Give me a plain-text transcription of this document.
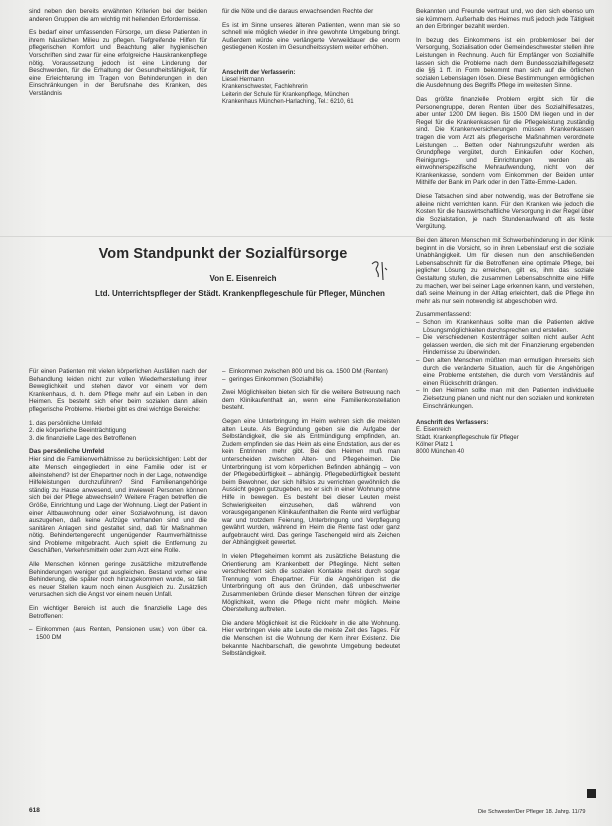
sind neben den bereits erwähnten Kriterien bei der beiden anderen Gruppen die am wichtig mit heilenden Erfordernisse.

Es bedarf einer umfassenden Fürsorge, um diese Patienten in ihrem häuslichen Milieu zu pflegen. Tiefgreifende Hilfen für pflegerischen Komfort und Beachtung aller hygienischen Vorschriften sind zwar für eine erfolgreiche Hauskrankenpflege nötig. Voraussetzung jedoch ist eine Linderung der Beschwerden, für die Erhaltung der Gesundheitsfähigkeit, für eine Erleichterung im Tragen von Behinderungen in den Einschränkungen in der Berufsnahe des Kranken, des Verständnis

für die Nöte und die daraus erwachsenden Rechte der

Es ist im Sinne unseres älteren Patienten, wenn man sie so schnell wie möglich wieder in ihre gewohnte Umgebung bringt. Außerdem würde eine verlängerte Verweildauer die enorm gestiegenen Kosten im Gesundheitssystem weiter erhöhen.

Anschrift der Verfasserin:
Liesel Hermann
Krankenschwester, Fachlehrerin
Leiterin der Schule für Krankenpflege, München
Krankenhaus München-Harlaching, Tel.: 6210, 61
Vom Standpunkt der Sozialfürsorge
Von E. Eisenreich
Ltd. Unterrichtspfleger der Städt. Krankenpflegeschule für Pfleger, München

Für einen Patienten mit vielen körperlichen Ausfällen nach der Behandlung leiden nicht zur vollen Wiederherstellung ihrer Beweglichkeit und stehen davor vor einem vor dem Krankenhaus, d. h. dem Pflege mehr auf ein Leben in den Heimen. Es besteht sich eher beim sozialen dann allein pflegerische Probleme. Hierbei gibt es drei wichtige Bereiche:

1. das persönliche Umfeld
2. die körperliche Beeinträchtigung
3. die finanzielle Lage des Betroffenen
Das persönliche Umfeld

Hier sind die Familienverhältnisse zu berücksichtigen: Lebt der alte Mensch eingegliedert in eine Familie oder ist er alleinstehend? Ist der Ehepartner noch in der Lage, notwendige Hilfeleistungen durchzuführen? Sind Familienangehörige ständig zu Hause anwesend, und inwieweit Personen können sich bei der Pflege abwechseln? Weitere Fragen betreffen die Größe, Einrichtung und Lage der Wohnung. Liegt der Patient in einer Altbauwohnung oder einer Sozialwohnung, ist davon auszugehen, daß keine Aufzüge vorhanden sind und die sanitären Anlagen sind gestaltet sind, daß für Maßnahmen nötig. Behindertengerecht ungenügender Raumverhältnisse sind Probleme mitgebracht. Auch spielt die Entfernung zu Geschäften, Verkehrsmitteln oder zum Arzt eine Rolle.

Alle Menschen können geringe zusätzliche mitzutreffende Behinderungen weniger gut ausgleichen. Bestand vorher eine Behinderung, die später noch hinzugekommen wurde, so fällt es neuer Stellen kaum noch einen Ausgleich zu. Zusätzlich verursachen sich die Angst vor einem neuen Unfall.

Ein wichtiger Bereich ist auch die finanzielle Lage des Betroffenen:

– Einkommen (aus Renten, Pensionen usw.) von über ca. 1500 DM
– Einkommen zwischen 800 und bis ca. 1500 DM (Renten)
– geringes Einkommen (Sozialhilfe)

Zwei Möglichkeiten bieten sich für die weitere Betreuung nach dem Klinikaufenthalt an, wenn eine Familienkonstellation besteht.

Gegen eine Unterbringung im Heim wehren sich die meisten alten Leute. Als Begründung geben sie die Aufgabe der Selbständigkeit, die sie als Entmündigung empfinden, an. Zudem empfinden sie das Heim als eine Endstation, aus der es kein Entrinnen mehr gibt. Bei den Heimen muß man unterscheiden zwischen Alten- und Pflegeheimen. Die Unterbringung ist vom körperlichen Befinden abhängig – von der Pflegebedürftigkeit – abhängig. Pflegebedürftigkeit besteht beim Bewohner, der sich hilfslos zu verrichten gewöhnlich die Aussicht gegen gutzugeben, wo er sich in einer Wohnung ohne Hilfe in bewegen. Es besteht bei dieser Leuten meist Schwierigkeiten einzusehen, daß während von vorausgegangenen Klinikaufenthalten die Rente wird verfügbar war und trotzdem Feierung, Unterbringung und Verpflegung gewährt wurden, während im Heim die Rente fast oder ganz aufgebraucht wird. Das geringe Taschengeld wird als Zeichen der Abhängigkeit gewertet.

In vielen Pflegeheimen kommt als zusätzliche Belastung die Orientierung am Krankenbett der Pfleglinge. Nicht selten verschlechtert sich die sozialen Kontakte meist durch sogar Trennung vom Ehepartner. Für die Angehörigen ist die Unterbringung oft aus den Gründen, daß unbeschwerter Zusammenleben Gründe dieser Menschen führen der einzige Möglichkeit, wenn die Pflege nicht mehr möglich. Meine Oberstellung auftreten.

Die andere Möglichkeit ist die Rückkehr in die alte Wohnung. Hier verbringen viele alte Leute die meiste Zeit des Tages. Für die Menschen ist die Wohnung der Kern ihrer Existenz. Die bekannte Nachbarschaft, die gewohnte Umgebung bedeutet Selbständigkeit.

Bekannten und Freunde vertraut und, wo den sich ebenso um sie kümmern. Außerhalb des Heimes muß jedoch jede Tätigkeit an den Erbringer bezahlt werden.

In bezug des Einkommens ist ein problemloser bei der Versorgung, Sozialisation oder Gemeindeschwester stellen ihre Leistungen in Rechnung. Auch für Empfänger von Sozialhilfe lassen sich die Probleme nach dem Bundessozialhilfegesetz die §§ 1 ff. in Form bekommt man sich auf die örtlichen sozialen Lebenslagen lösen. Diese Bestimmungen ermöglichen die Ausdehnung des Begriffs Pflege im weitesten Sinne.

Das größte finanzielle Problem ergibt sich für die Personengruppe, deren Renten über des Sozialhilfesatzes, aber unter 1200 DM liegen. Bis 1500 DM liegen und in der Regel für die Krankenkassen für die Pflegeleistung zuständig sind. Die Krankenversicherungen müssen Krankenkassen tragen die vom Arzt als pflegerische Maßnahmen verordnete Leistungen ... Betten oder Nahrungszufuhr werden als Grundpflege vergütet, durch Einkaufen oder Kochen, Reinigungs- und Einrichtungen werden als einwohnerspezifische Mehraufwendung, nicht von der Krankenkasse, sondern vom Einkommen der Beiden unter Mithilfe der Bank im Park oder in den Tätte-Emme-Laden.

Diese Tatsachen sind aber notwendig, was der Betroffene sie alleine nicht verrichten kann. Für den Kranken wie jedoch die Kosten für die hauswirtschaftliche Versorgung in der Regel über die Sozialstation, je nach Stundenaufwand oft als feste Vergütung.

Bei den älteren Menschen mit Schwerbehinderung in der Klinik beginnt in die Vorsicht, so in ihren Lebenslauf erst die soziale Unabhängigkeit. Um für diesen nun den anschließenden Lebensabschnitt für die Betroffenen eine optimale Pflege, bei jeglicher Lösung zu erreichen, gilt es, ihm das soziale Gestaltung stufen, die zusammen Lebensabschnitte eine Hilfe zu machen, wer bei seiner Lage erkennen kann, und verstehen, daß seine Meinung in der Alltag erleichtert, daß die Pflege ihn mehr als nur sein notwendig ist abgeschoben wird.

Zusammenfassend:
– Schon im Krankenhaus sollte man die Patienten aktive Lösungsmöglichkeiten durchsprechen und erstellen.
– Die verschiedenen Kostenträger sollten nicht außer Acht gelassen werden, die sich mit der Finanzierung ergebenden Hindernisse zu überwinden.
– Den alten Menschen müßten man ermutigen ihrerseits sich durch die veränderte Situation, auch für die Angehörigen eine Probleme entstehen, die durch vom Verständnis auf einen Rückschritt drängen.
– In den Heimen sollte man mit den Patienten individuelle Zielsetzung planen und nicht nur den sozialen und konkreten Einschränkungen.
Anschrift des Verfassers:
E. Eisenreich
Städt. Krankenpflegeschule für Pfleger
Kölner Platz 1
8000 München 40
618	Die Schwester/Der Pfleger 18. Jahrg. 11/79
